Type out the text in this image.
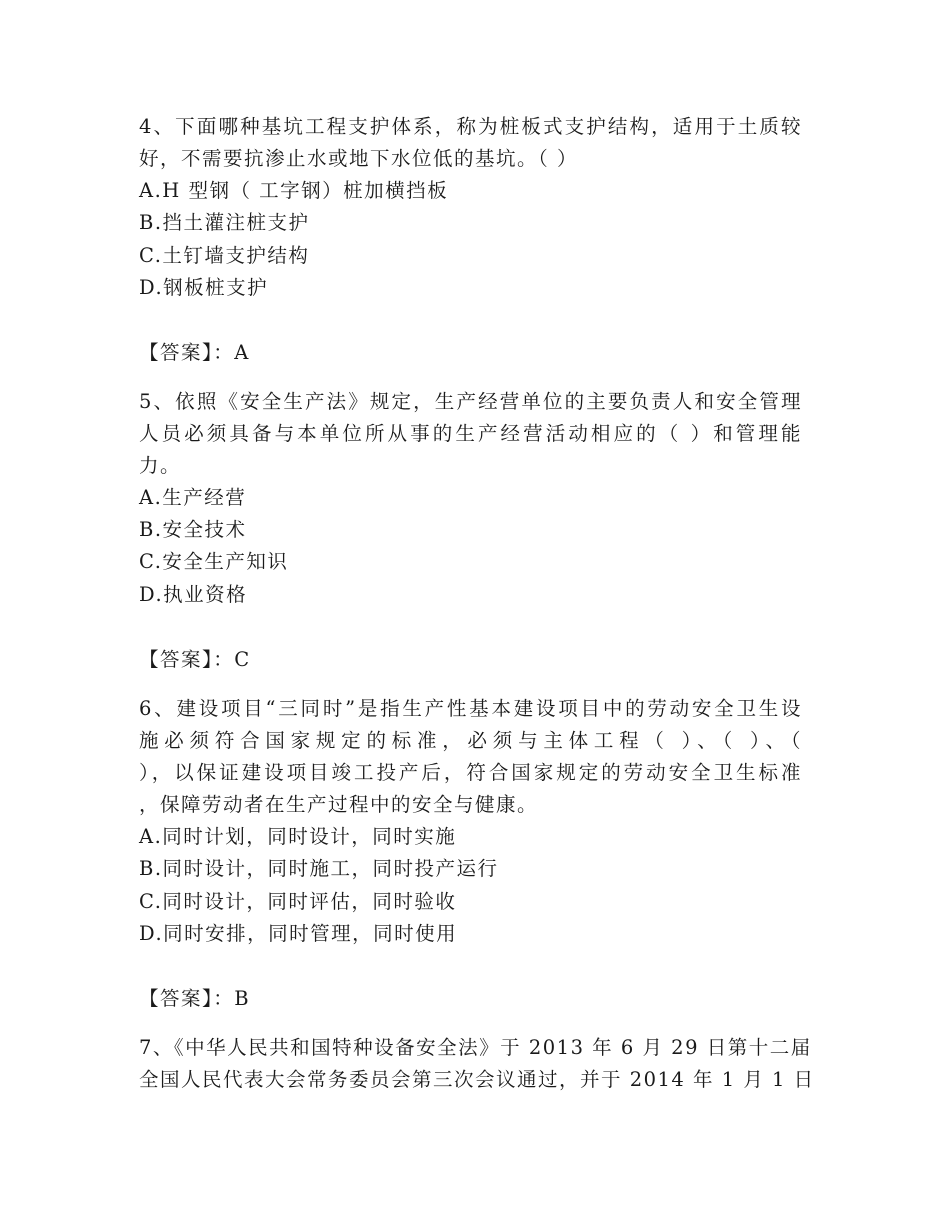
4、下面哪种基坑工程支护体系，称为桩板式支护结构，适用于土质较
好，不需要抗渗止水或地下水位低的基坑。（ ）
A.H 型钢（ 工字钢）桩加横挡板
B.挡土灌注桩支护
C.土钉墙支护结构
D.钢板桩支护
【答案】：A
5、依照《安全生产法》规定，生产经营单位的主要负责人和安全管理
人员必须具备与本单位所从事的生产经营活动相应的（ ）和管理能
力。
A.生产经营
B.安全技术
C.安全生产知识
D.执业资格
【答案】：C
6、建设项目“三同时”是指生产性基本建设项目中的劳动安全卫生设
施必须符合国家规定的标准，必须与主体工程（ ）、（ ）、（
），以保证建设项目竣工投产后，符合国家规定的劳动安全卫生标准
，保障劳动者在生产过程中的安全与健康。
A.同时计划，同时设计，同时实施
B.同时设计，同时施工，同时投产运行
C.同时设计，同时评估，同时验收
D.同时安排，同时管理，同时使用
【答案】：B
7、《中华人民共和国特种设备安全法》于 2013 年 6 月 29 日第十二届
全国人民代表大会常务委员会第三次会议通过，并于 2014 年 1 月 1 日
